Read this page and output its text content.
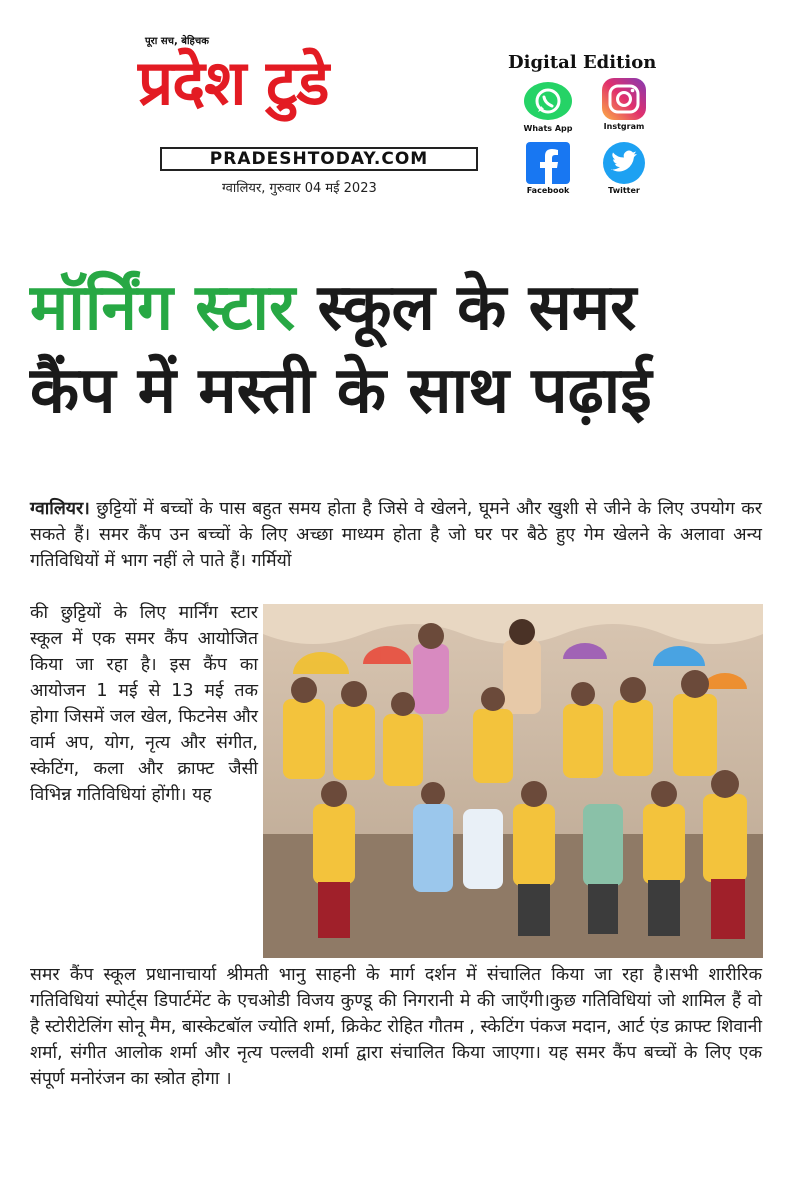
पूरा सच, बेहिचक
प्रदेश टुडे
PRADESHTODAY.COM
ग्वालियर, गुरुवार 04 मई 2023
Digital Edition
Whats App	Instgram
Facebook	Twitter
मॉर्निंग स्टार स्कूल के समर
कैंप में मस्ती के साथ पढ़ाई
ग्वालियर। छुट्टियों में बच्चों के पास बहुत समय होता है जिसे वे खेलने, घूमने और खुशी से जीने के लिए उपयोग कर सकते हैं। समर कैंप उन बच्चों के लिए अच्छा माध्यम होता है जो घर पर बैठे हुए गेम खेलने के अलावा अन्य गतिविधियों में भाग नहीं ले पाते हैं। गर्मियों
की छुट्टियों के लिए मार्निंग स्टार स्कूल में एक समर कैंप आयोजित किया जा रहा है। इस कैंप का आयोजन 1 मई से 13 मई तक होगा जिसमें जल खेल, फिटनेस और वार्म अप, योग, नृत्य और संगीत, स्केटिंग, कला और क्राफ्ट जैसी विभिन्न गतिविधियां होंगी। यह
समर कैंप स्कूल प्रधानाचार्या श्रीमती भानु साहनी के मार्ग दर्शन में संचालित किया जा रहा है।सभी शारीरिक गतिविधियां स्पोर्ट्स डिपार्टमेंट के एचओडी विजय कुण्डू की निगरानी मे की जाएँगी।कुछ गतिविधियां जो शामिल हैं वो है स्टोरीटेलिंग सोनू मैम, बास्केटबॉल ज्योति शर्मा, क्रिकेट रोहित गौतम , स्केटिंग पंकज मदान, आर्ट एंड क्राफ्ट शिवानी शर्मा, संगीत आलोक शर्मा और नृत्य पल्लवी शर्मा द्वारा संचालित किया जाएगा। यह समर कैंप बच्चों के लिए एक संपूर्ण मनोरंजन का स्त्रोत होगा ।
